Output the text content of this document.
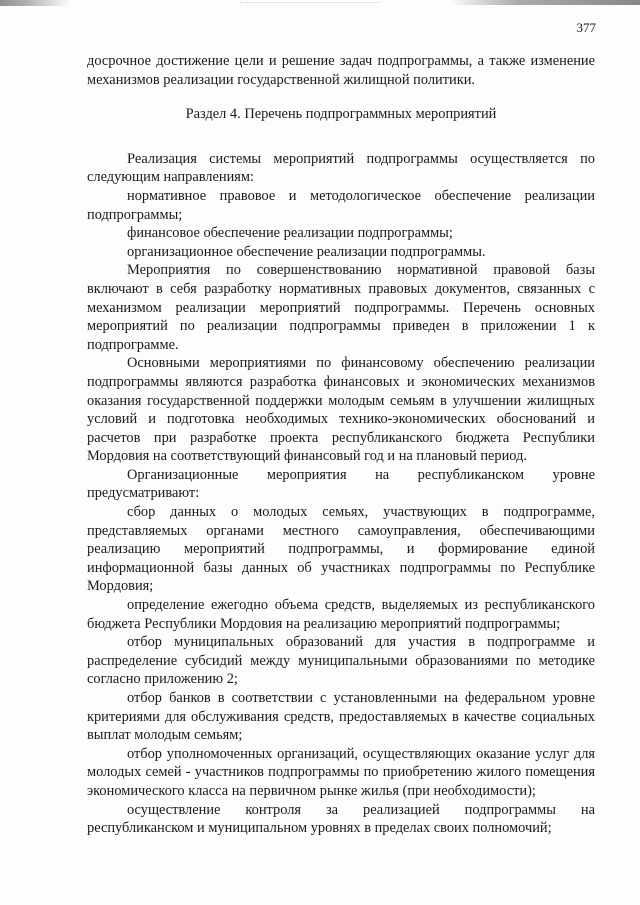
377

досрочное достижение цели и решение задач подпрограммы, а также изменение механизмов реализации государственной жилищной политики.

Раздел 4. Перечень подпрограммных мероприятий

Реализация системы мероприятий подпрограммы осуществляется по следующим направлениям:

нормативное правовое и методологическое обеспечение реализации подпрограммы;

финансовое обеспечение реализации подпрограммы;

организационное обеспечение реализации подпрограммы.

Мероприятия по совершенствованию нормативной правовой базы включают в себя разработку нормативных правовых документов, связанных с механизмом реализации мероприятий подпрограммы. Перечень основных мероприятий по реализации подпрограммы приведен в приложении 1 к подпрограмме.

Основными мероприятиями по финансовому обеспечению реализации подпрограммы являются разработка финансовых и экономических механизмов оказания государственной поддержки молодым семьям в улучшении жилищных условий и подготовка необходимых технико-экономических обоснований и расчетов при разработке проекта республиканского бюджета Республики Мордовия на соответствующий финансовый год и на плановый период.

Организационные мероприятия на республиканском уровне предусматривают:

сбор данных о молодых семьях, участвующих в подпрограмме, представляемых органами местного самоуправления, обеспечивающими реализацию мероприятий подпрограммы, и формирование единой информационной базы данных об участниках подпрограммы по Республике Мордовия;

определение ежегодно объема средств, выделяемых из республиканского бюджета Республики Мордовия на реализацию мероприятий подпрограммы;

отбор муниципальных образований для участия в подпрограмме и распределение субсидий между муниципальными образованиями по методике согласно приложению 2;

отбор банков в соответствии с установленными на федеральном уровне критериями для обслуживания средств, предоставляемых в качестве социальных выплат молодым семьям;

отбор уполномоченных организаций, осуществляющих оказание услуг для молодых семей - участников подпрограммы по приобретению жилого помещения экономического класса на первичном рынке жилья (при необходимости);

осуществление контроля за реализацией подпрограммы на республиканском и муниципальном уровнях в пределах своих полномочий;
